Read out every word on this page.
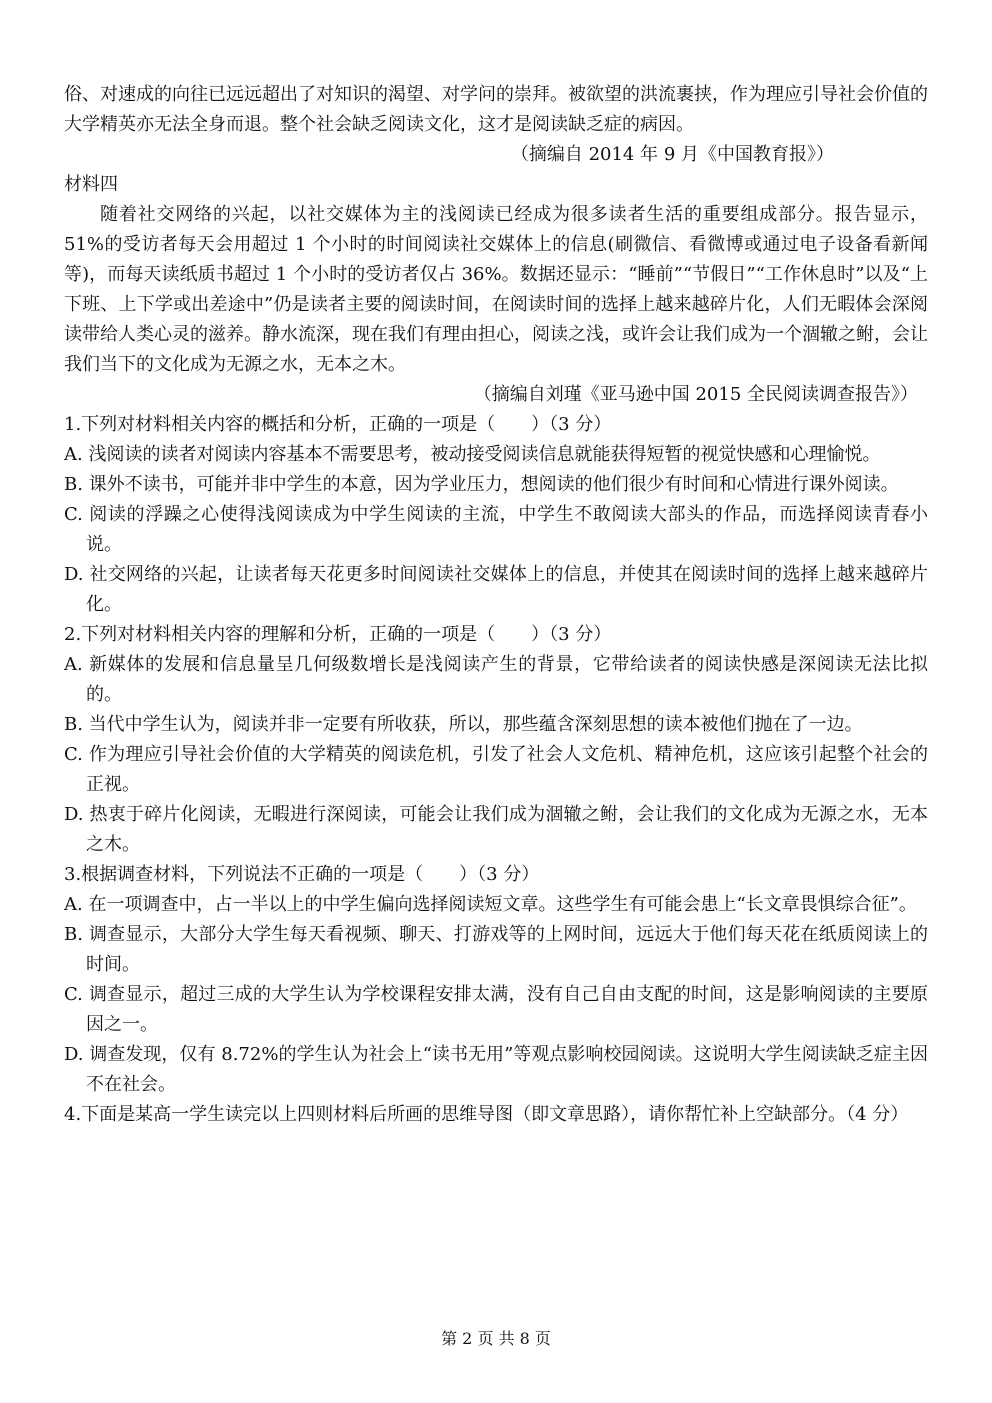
俗、对速成的向往已远远超出了对知识的渴望、对学问的崇拜。被欲望的洪流裹挟，作为理应引导社会价值的大学精英亦无法全身而退。整个社会缺乏阅读文化，这才是阅读缺乏症的病因。

（摘编自 2014 年 9 月《中国教育报》）

材料四

随着社交网络的兴起，以社交媒体为主的浅阅读已经成为很多读者生活的重要组成部分。报告显示，51%的受访者每天会用超过 1 个小时的时间阅读社交媒体上的信息(刷微信、看微博或通过电子设备看新闻等)，而每天读纸质书超过 1 个小时的受访者仅占 36%。数据还显示：“睡前”“节假日”“工作休息时”以及“上下班、上下学或出差途中”仍是读者主要的阅读时间，在阅读时间的选择上越来越碎片化，人们无暇体会深阅读带给人类心灵的滋养。静水流深，现在我们有理由担心，阅读之浅，或许会让我们成为一个涸辙之鲋，会让我们当下的文化成为无源之水，无本之木。

（摘编自刘瑾《亚马逊中国 2015 全民阅读调查报告》）

1.下列对材料相关内容的概括和分析，正确的一项是（　　）（3 分）

A. 浅阅读的读者对阅读内容基本不需要思考，被动接受阅读信息就能获得短暂的视觉快感和心理愉悦。

B. 课外不读书，可能并非中学生的本意，因为学业压力，想阅读的他们很少有时间和心情进行课外阅读。

C. 阅读的浮躁之心使得浅阅读成为中学生阅读的主流，中学生不敢阅读大部头的作品，而选择阅读青春小说。

D. 社交网络的兴起，让读者每天花更多时间阅读社交媒体上的信息，并使其在阅读时间的选择上越来越碎片化。

2.下列对材料相关内容的理解和分析，正确的一项是（　　）（3 分）

A. 新媒体的发展和信息量呈几何级数增长是浅阅读产生的背景，它带给读者的阅读快感是深阅读无法比拟的。

B. 当代中学生认为，阅读并非一定要有所收获，所以，那些蕴含深刻思想的读本被他们抛在了一边。

C. 作为理应引导社会价值的大学精英的阅读危机，引发了社会人文危机、精神危机，这应该引起整个社会的正视。

D. 热衷于碎片化阅读，无暇进行深阅读，可能会让我们成为涸辙之鲋，会让我们的文化成为无源之水，无本之木。

3.根据调查材料，下列说法不正确的一项是（　　）（3 分）

A. 在一项调查中，占一半以上的中学生偏向选择阅读短文章。这些学生有可能会患上“长文章畏惧综合征”。

B. 调查显示，大部分大学生每天看视频、聊天、打游戏等的上网时间，远远大于他们每天花在纸质阅读上的时间。

C. 调查显示，超过三成的大学生认为学校课程安排太满，没有自己自由支配的时间，这是影响阅读的主要原因之一。

D. 调查发现，仅有 8.72%的学生认为社会上“读书无用”等观点影响校园阅读。这说明大学生阅读缺乏症主因不在社会。

4.下面是某高一学生读完以上四则材料后所画的思维导图（即文章思路），请你帮忙补上空缺部分。（4 分）

第 2 页 共 8 页
